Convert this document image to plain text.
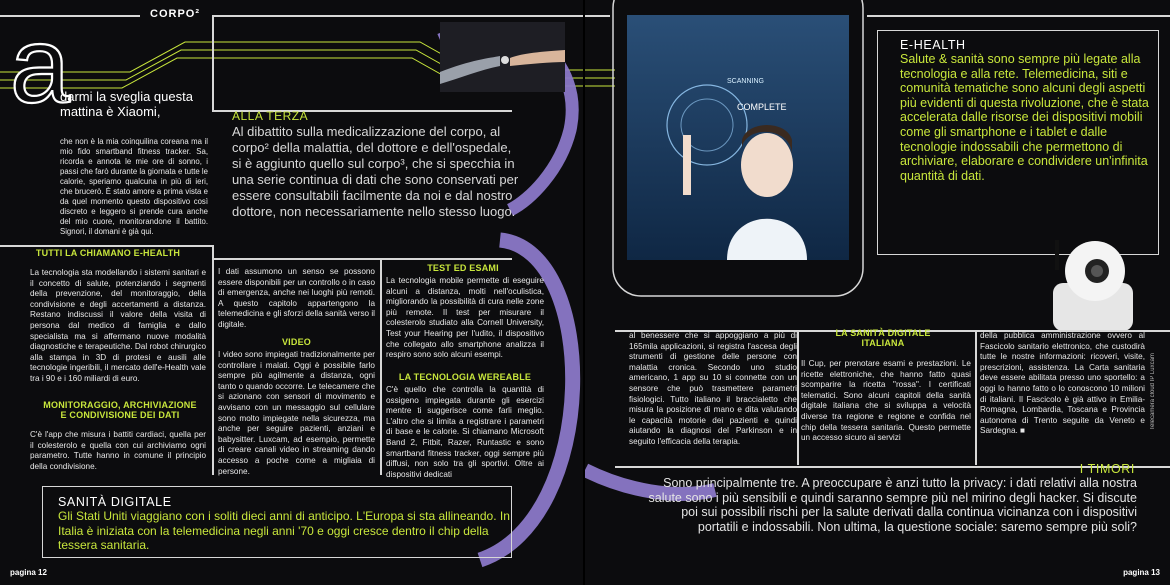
CORPO²
a
darmi la sveglia questa mattina è Xiaomi,
che non è la mia coinquilina coreana ma il mio fido smartband fitness tracker. Sa, ricorda e annota le mie ore di sonno, i passi che farò durante la giornata e tutte le calorie, speriamo qualcuna in più di ieri, che brucerò. È stato amore a prima vista e da quel momento questo dispositivo così discreto e leggero si prende cura anche del mio cuore, monitorandone il battito. Signori, il domani è già qui.
TUTTI LA CHIAMANO E-HEALTH
La tecnologia sta modellando i sistemi sanitari e il concetto di salute, potenziando i segmenti della prevenzione, del monitoraggio, della condivisione e degli accertamenti a distanza. Restano indiscussi il valore della visita di persona dal medico di famiglia e dallo specialista ma si affermano nuove modalità diagnostiche e terapeutiche. Dal robot chirurgico alla stampa in 3D di protesi e ausili alle tecnologie ingeribili, il mercato dell'e-Health vale tra i 90 e i 160 miliardi di euro.
MONITORAGGIO, ARCHIVIAZIONE E CONDIVISIONE DEI DATI
C'è l'app che misura i battiti cardiaci, quella per il colesterolo e quella con cui archiviamo ogni parametro. Tutte hanno in comune il principio della condivisione.
ALLA TERZA
Al dibattito sulla medicalizzazione del corpo, al corpo² della malattia, del dottore e dell'ospedale, si è aggiunto quello sul corpo³, che si specchia in una serie continua di dati che sono conservati per essere consultabili facilmente da noi e dal nostro dottore, non necessariamente nello stesso luogo.
I dati assumono un senso se possono essere disponibili per un controllo o in caso di emergenza, anche nei luoghi più remoti. A questo capitolo appartengono la telemedicina e gli sforzi della sanità verso il digitale.
VIDEO
I video sono impiegati tradizionalmente per controllare i malati. Oggi è possibile farlo sempre più agilmente a distanza, ogni tanto o quando occorre. Le telecamere che si azionano con sensori di movimento e avvisano con un messaggio sul cellulare sono molto impiegate nella sicurezza, ma anche per seguire pazienti, anziani e babysitter. Luxcam, ad esempio, permette di creare canali video in streaming dando accesso a poche come a migliaia di persone.
TEST ED ESAMI
La tecnologia mobile permette di eseguire alcuni a distanza, molti nell'oculistica, migliorando la possibilità di cura nelle zone più remote. Il test per misurare il colesterolo studiato alla Cornell University, Test your Hearing per l'udito, il dispositivo che collegato allo smartphone analizza il respiro sono solo alcuni esempi.
LA TECNOLOGIA WEREABLE
C'è quello che controlla la quantità di ossigeno impiegata durante gli esercizi mentre ti suggerisce come farli meglio. L'altro che si limita a registrare i parametri di base e le calorie. Si chiamano Microsoft Band 2, Fitbit, Razer, Runtastic e sono smartband fitness tracker, oggi sempre più diffusi, non solo tra gli sportivi. Oltre ai dispositivi dedicati
SANITÀ DIGITALE
Gli Stati Uniti viaggiano con i soliti dieci anni di anticipo. L'Europa si sta allineando. In Italia è iniziata con la telemedicina negli anni '70 e oggi cresce dentro il chip della tessera sanitaria.
pagina 12
SCANNING
COMPLETE
E-HEALTH
Salute & sanità sono sempre più legate alla tecnologia e alla rete. Telemedicina, siti e comunità tematiche sono alcuni degli aspetti più evidenti di questa rivoluzione, che è stata accelerata dalle risorse dei dispositivi mobili come gli smartphone e i tablet e dalle tecnologie indossabili che permettono di archiviare, elaborare e condividere un'infinita quantità di dati.
Telecamera cloud IP Luxcam
al benessere che si appoggiano a più di 165mila applicazioni, si registra l'ascesa degli strumenti di gestione delle persone con malattia cronica. Secondo uno studio americano, 1 app su 10 si connette con un sensore che può trasmettere parametri fisiologici. Tutto italiano il braccialetto che misura la posizione di mano e dita valutando le capacità motorie dei pazienti e quindi aiutando la diagnosi del Parkinson e in seguito l'efficacia della terapia.
LA SANITÀ DIGITALE ITALIANA
Il Cup, per prenotare esami e prestazioni. Le ricette elettroniche, che hanno fatto quasi scomparire la ricetta "rossa". I certificati telematici. Sono alcuni capitoli della sanità digitale italiana che si sviluppa a velocità diverse tra regione e regione e confida nel chip della tessera sanitaria. Questo permette un accesso sicuro ai servizi
della pubblica amministrazione ovvero al Fascicolo sanitario elettronico, che custodirà tutte le nostre informazioni: ricoveri, visite, prescrizioni, assistenza. La Carta sanitaria deve essere abilitata presso uno sportello: a oggi lo hanno fatto o lo conoscono 10 milioni di italiani. Il Fascicolo è già attivo in Emilia-Romagna, Lombardia, Toscana e Provincia autonoma di Trento seguite da Veneto e Sardegna. ■
I TIMORI
Sono principalmente tre. A preoccupare è anzi tutto la privacy: i dati relativi alla nostra salute sono i più sensibili e quindi saranno sempre più nel mirino degli hacker. Si discute poi sui possibili rischi per la salute derivati dalla continua vicinanza con i dispositivi portatili e indossabili. Non ultima, la questione sociale: saremo sempre più soli?
pagina 13
